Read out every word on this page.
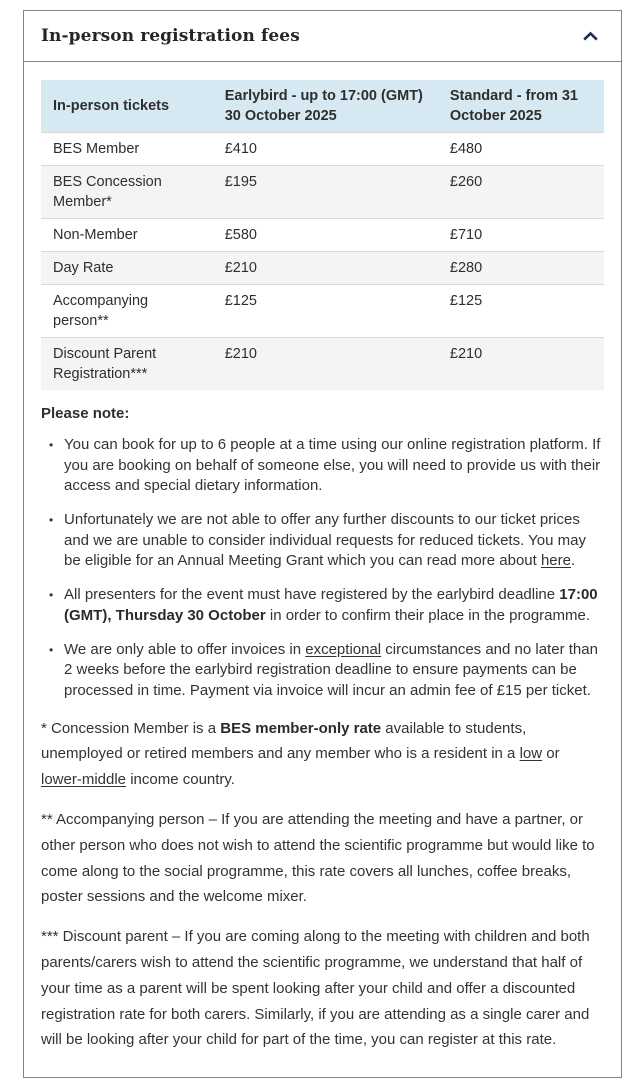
In-person registration fees
In-person tickets	Earlybird - up to 17:00 (GMT) 30 October 2025	Standard - from 31 October 2025
BES Member	£410	£480
BES Concession Member*	£195	£260
Non-Member	£580	£710
Day Rate	£210	£280
Accompanying person**	£125	£125
Discount Parent Registration***	£210	£210

Please note:

• You can book for up to 6 people at a time using our online registration platform. If you are booking on behalf of someone else, you will need to provide us with their access and special dietary information.
• Unfortunately we are not able to offer any further discounts to our ticket prices and we are unable to consider individual requests for reduced tickets. You may be eligible for an Annual Meeting Grant which you can read more about here.
• All presenters for the event must have registered by the earlybird deadline 17:00 (GMT), Thursday 30 October in order to confirm their place in the programme.
• We are only able to offer invoices in exceptional circumstances and no later than 2 weeks before the earlybird registration deadline to ensure payments can be processed in time. Payment via invoice will incur an admin fee of £15 per ticket.

* Concession Member is a BES member-only rate available to students, unemployed or retired members and any member who is a resident in a low or lower-middle income country.

** Accompanying person – If you are attending the meeting and have a partner, or other person who does not wish to attend the scientific programme but would like to come along to the social programme, this rate covers all lunches, coffee breaks, poster sessions and the welcome mixer.

*** Discount parent – If you are coming along to the meeting with children and both parents/carers wish to attend the scientific programme, we understand that half of your time as a parent will be spent looking after your child and offer a discounted registration rate for both carers. Similarly, if you are attending as a single carer and will be looking after your child for part of the time, you can register at this rate.
